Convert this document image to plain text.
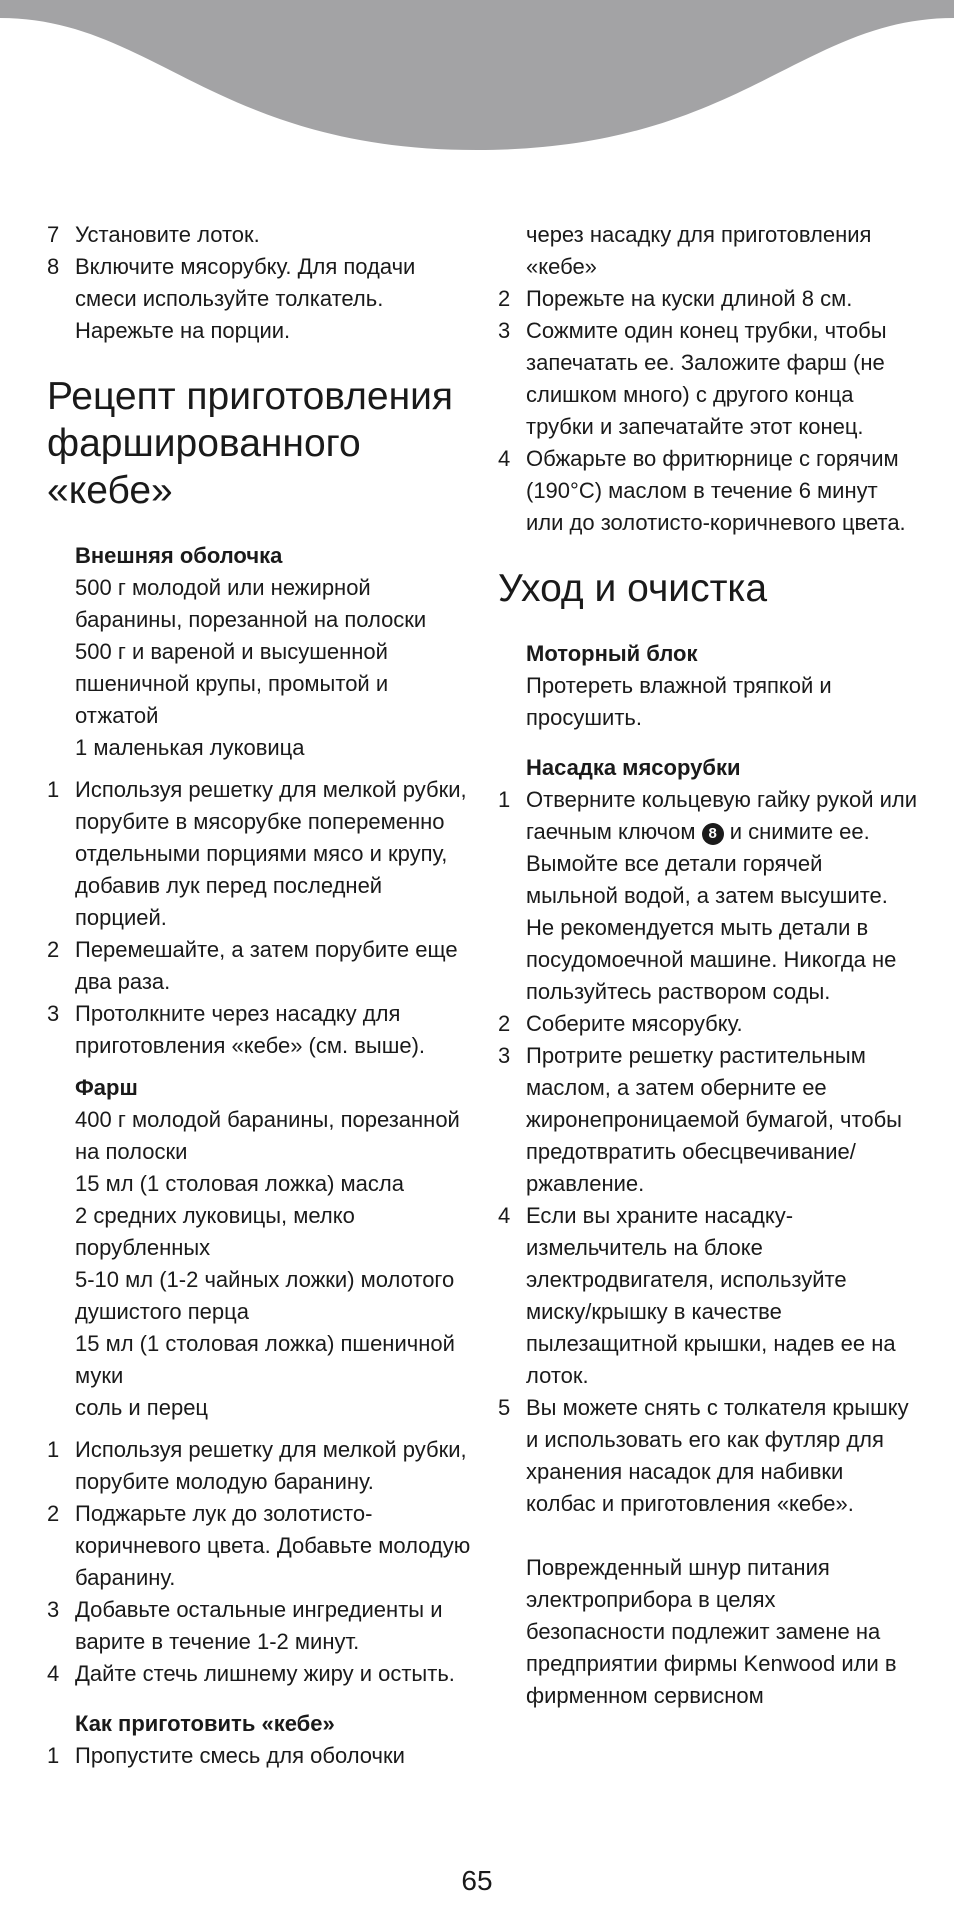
7 Установите лоток.
8 Включите мясорубку. Для подачи смеси используйте толкатель. Нарежьте на порции.
Рецепт приготовления
фаршированного
«кебе»
Внешняя оболочка
500 г молодой или нежирной баранины, порезанной на полоски
500 г и вареной и высушенной пшеничной крупы, промытой и отжатой
1 маленькая луковица
1 Используя решетку для мелкой рубки, порубите в мясорубке попеременно отдельными порциями мясо и крупу, добавив лук перед последней порцией.
2 Перемешайте, а затем порубите еще два раза.
3 Протолкните через насадку для приготовления «кебе» (см. выше).
Фарш
400 г молодой баранины, порезанной на полоски
15 мл (1 столовая ложка) масла
2 средних луковицы, мелко порубленных
5-10 мл (1-2 чайных ложки) молотого душистого перца
15 мл (1 столовая ложка) пшеничной муки
соль и перец
1 Используя решетку для мелкой рубки, порубите молодую баранину.
2 Поджарьте лук до золотисто-коричневого цвета. Добавьте молодую баранину.
3 Добавьте остальные ингредиенты и варите в течение 1-2 минут.
4 Дайте стечь лишнему жиру и остыть.
Как приготовить «кебе»
1 Пропустите смесь для оболочки
через насадку для приготовления «кебе»
2 Порежьте на куски длиной 8 см.
3 Сожмите один конец трубки, чтобы запечатать ее. Заложите фарш (не слишком много) с другого конца трубки и запечатайте этот конец.
4 Обжарьте во фритюрнице с горячим (190°C) маслом в течение 6 минут или до золотисто-коричневого цвета.
Уход и очистка
Моторный блок
Протереть влажной тряпкой и просушить.
Насадка мясорубки
1 Отверните кольцевую гайку рукой или гаечным ключом 8 и снимите ее. Вымойте все детали горячей мыльной водой, а затем высушите. Не рекомендуется мыть детали в посудомоечной машине. Никогда не пользуйтесь раствором соды.
2 Соберите мясорубку.
3 Протрите решетку растительным маслом, а затем оберните ее жиронепроницаемой бумагой, чтобы предотвратить обесцвечивание/ржавление.
4 Если вы храните насадку-измельчитель на блоке электродвигателя, используйте миску/крышку в качестве пылезащитной крышки, надев ее на лоток.
5 Вы можете снять с толкателя крышку и использовать его как футляр для хранения насадок для набивки колбас и приготовления «кебе».
Поврежденный шнур питания электроприбора в целях безопасности подлежит замене на предприятии фирмы Kenwood или в фирменном сервисном
65
